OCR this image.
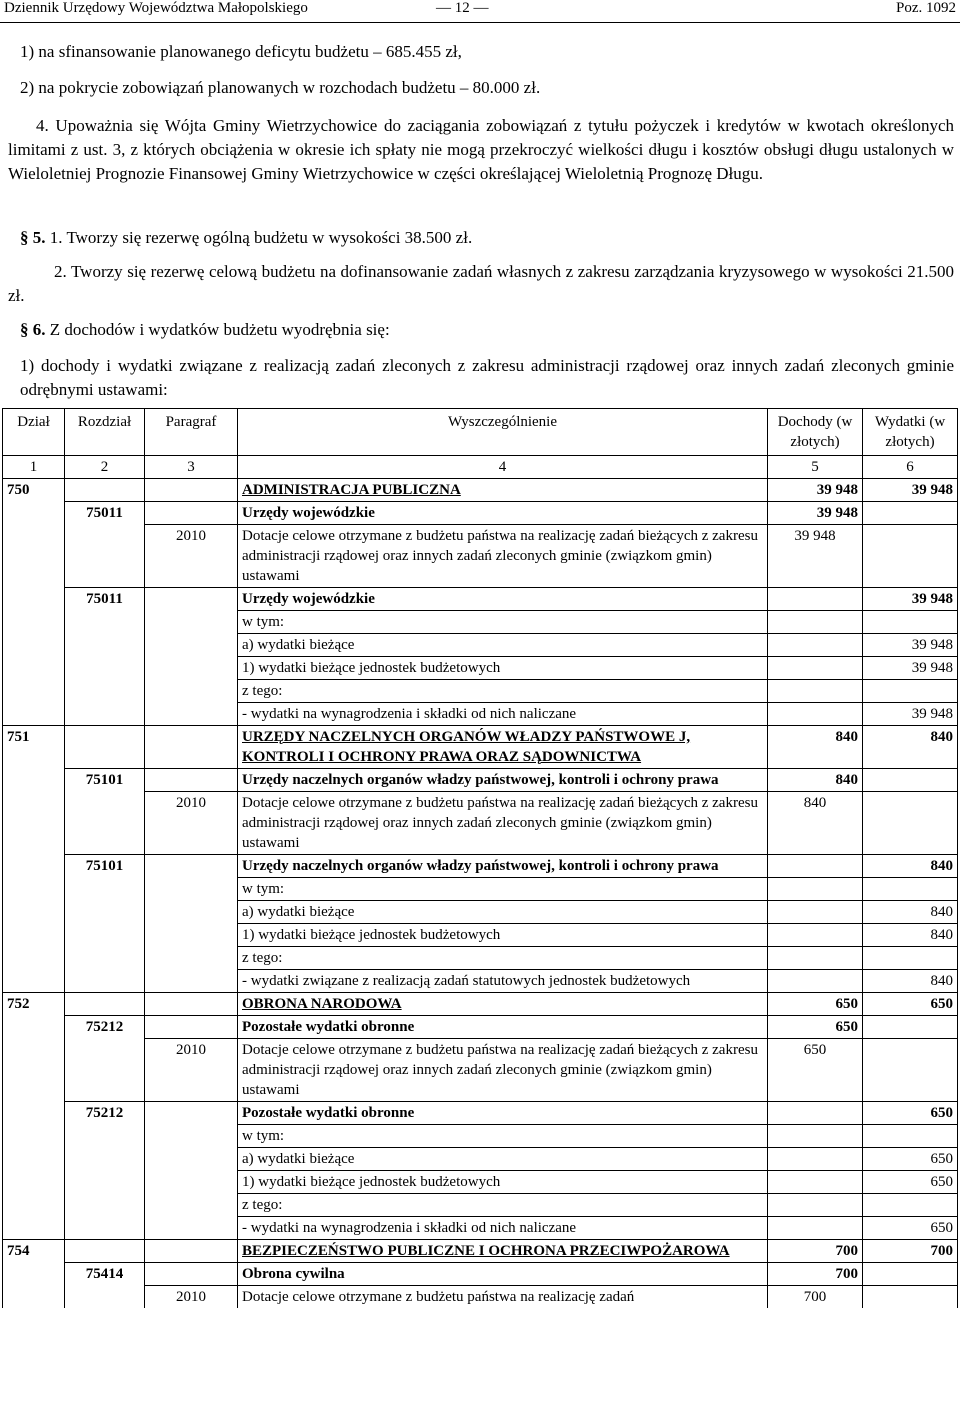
Dziennik Urzędowy Województwa Małopolskiego	— 12 —	Poz. 1092
1) na sfinansowanie planowanego deficytu budżetu – 685.455 zł,
2) na pokrycie zobowiązań planowanych w rozchodach budżetu – 80.000 zł.
4. Upoważnia się Wójta Gminy Wietrzychowice do zaciągania zobowiązań z tytułu pożyczek i kredytów w kwotach określonych limitami z ust. 3, z których obciążenia w okresie ich spłaty nie mogą przekroczyć wielkości długu i kosztów obsługi długu ustalonych w Wieloletniej Prognozie Finansowej Gminy Wietrzychowice w części określającej Wieloletnią Prognozę Długu.
§ 5. 1. Tworzy się rezerwę ogólną budżetu w wysokości 38.500 zł.
2. Tworzy się rezerwę celową budżetu na dofinansowanie zadań własnych z zakresu zarządzania kryzysowego w wysokości 21.500 zł.
§ 6. Z dochodów i wydatków budżetu wyodrębnia się:
1) dochody i wydatki związane z realizacją zadań zleconych z zakresu administracji rządowej oraz innych zadań zleconych gminie odrębnymi ustawami:
Dział	Rozdział	Paragraf	Wyszczególnienie	Dochody (w złotych)	Wydatki (w złotych)
1	2	3	4	5	6
750			ADMINISTRACJA PUBLICZNA	39 948	39 948
	75011		Urzędy wojewódzkie	39 948	
		2010	Dotacje celowe otrzymane z budżetu państwa na realizację zadań bieżących z zakresu administracji rządowej oraz innych zadań zleconych gminie (związkom gmin) ustawami	39 948	
	75011		Urzędy wojewódzkie		39 948
			w tym:		
			a) wydatki bieżące		39 948
			1) wydatki bieżące jednostek budżetowych		39 948
			z tego:		
			- wydatki na wynagrodzenia i składki od nich naliczane		39 948
751			URZĘDY NACZELNYCH ORGANÓW WŁADZY PAŃSTWOWE J, KONTROLI I OCHRONY PRAWA ORAZ SĄDOWNICTWA	840	840
	75101		Urzędy naczelnych organów władzy państwowej, kontroli i ochrony prawa	840	
		2010	Dotacje celowe otrzymane z budżetu państwa na realizację zadań bieżących z zakresu administracji rządowej oraz innych zadań zleconych gminie (związkom gmin) ustawami	840	
	75101		Urzędy naczelnych organów władzy państwowej, kontroli i ochrony prawa		840
			w tym:		
			a) wydatki bieżące		840
			1) wydatki bieżące jednostek budżetowych		840
			z tego:		
			- wydatki związane z realizacją zadań statutowych jednostek budżetowych		840
752			OBRONA NARODOWA	650	650
	75212		Pozostałe wydatki obronne	650	
		2010	Dotacje celowe otrzymane z budżetu państwa na realizację zadań bieżących z zakresu administracji rządowej oraz innych zadań zleconych gminie (związkom gmin) ustawami	650	
	75212		Pozostałe wydatki obronne		650
			w tym:		
			a) wydatki bieżące		650
			1) wydatki bieżące jednostek budżetowych		650
			z tego:		
			- wydatki na wynagrodzenia i składki od nich naliczane		650
754			BEZPIECZEŃSTWO PUBLICZNE I OCHRONA PRZECIWPOŻAROWA	700	700
	75414		Obrona cywilna	700	
		2010	Dotacje celowe otrzymane z budżetu państwa na realizację zadań	700	
